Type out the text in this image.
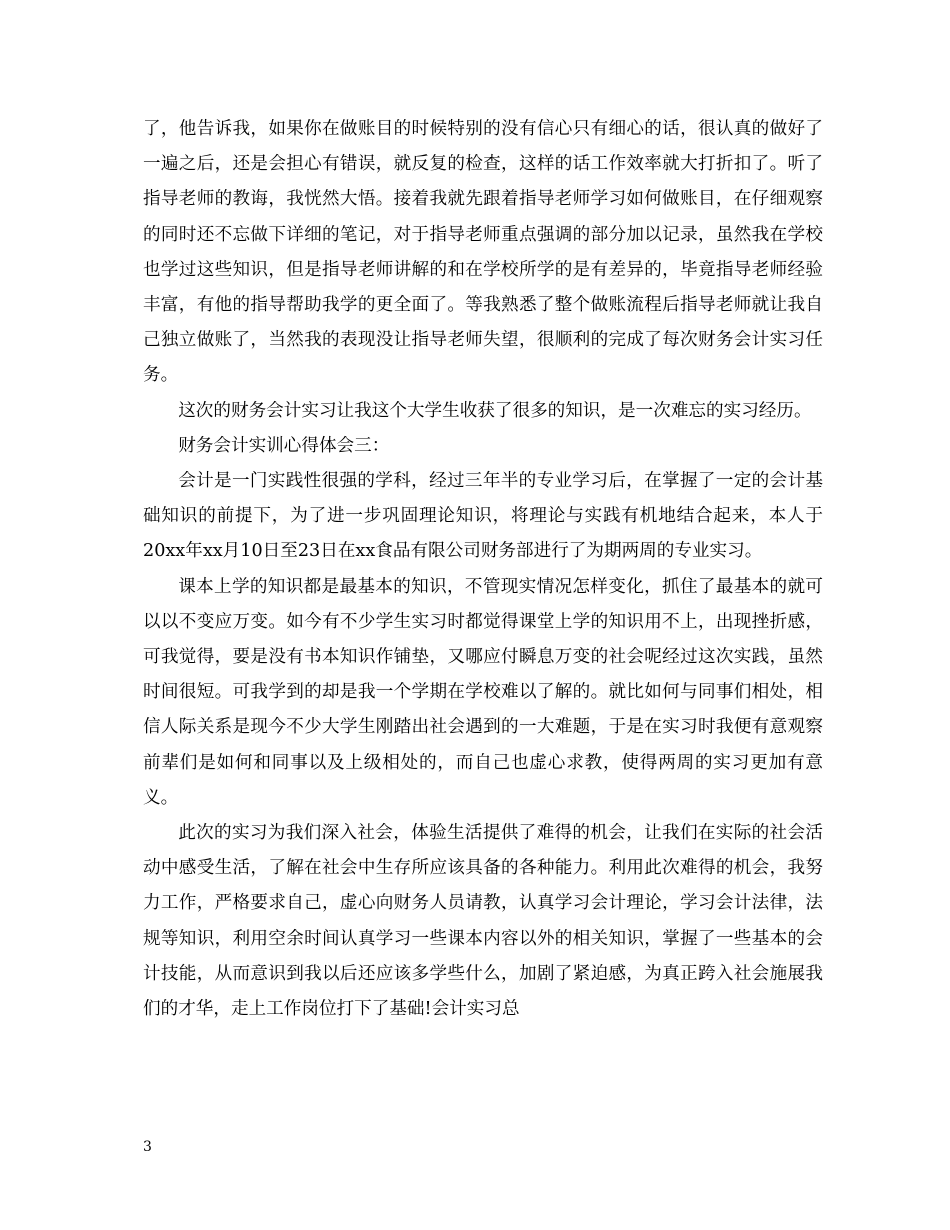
了，他告诉我，如果你在做账目的时候特别的没有信心只有细心的话，很认真的做好了一遍之后，还是会担心有错误，就反复的检查，这样的话工作效率就大打折扣了。听了指导老师的教诲，我恍然大悟。接着我就先跟着指导老师学习如何做账目，在仔细观察的同时还不忘做下详细的笔记，对于指导老师重点强调的部分加以记录，虽然我在学校也学过这些知识，但是指导老师讲解的和在学校所学的是有差异的，毕竟指导老师经验丰富，有他的指导帮助我学的更全面了。等我熟悉了整个做账流程后指导老师就让我自己独立做账了，当然我的表现没让指导老师失望，很顺利的完成了每次财务会计实习任务。

这次的财务会计实习让我这个大学生收获了很多的知识，是一次难忘的实习经历。

财务会计实训心得体会三：

会计是一门实践性很强的学科，经过三年半的专业学习后，在掌握了一定的会计基础知识的前提下，为了进一步巩固理论知识，将理论与实践有机地结合起来，本人于20xx年xx月10日至23日在xx食品有限公司财务部进行了为期两周的专业实习。

课本上学的知识都是最基本的知识，不管现实情况怎样变化，抓住了最基本的就可以以不变应万变。如今有不少学生实习时都觉得课堂上学的知识用不上，出现挫折感，可我觉得，要是没有书本知识作铺垫，又哪应付瞬息万变的社会呢经过这次实践，虽然时间很短。可我学到的却是我一个学期在学校难以了解的。就比如何与同事们相处，相信人际关系是现今不少大学生刚踏出社会遇到的一大难题，于是在实习时我便有意观察前辈们是如何和同事以及上级相处的，而自己也虚心求教，使得两周的实习更加有意义。

此次的实习为我们深入社会，体验生活提供了难得的机会，让我们在实际的社会活动中感受生活，了解在社会中生存所应该具备的各种能力。利用此次难得的机会，我努力工作，严格要求自己，虚心向财务人员请教，认真学习会计理论，学习会计法律，法规等知识，利用空余时间认真学习一些课本内容以外的相关知识，掌握了一些基本的会计技能，从而意识到我以后还应该多学些什么，加剧了紧迫感，为真正跨入社会施展我们的才华，走上工作岗位打下了基础!会计实习总

3
